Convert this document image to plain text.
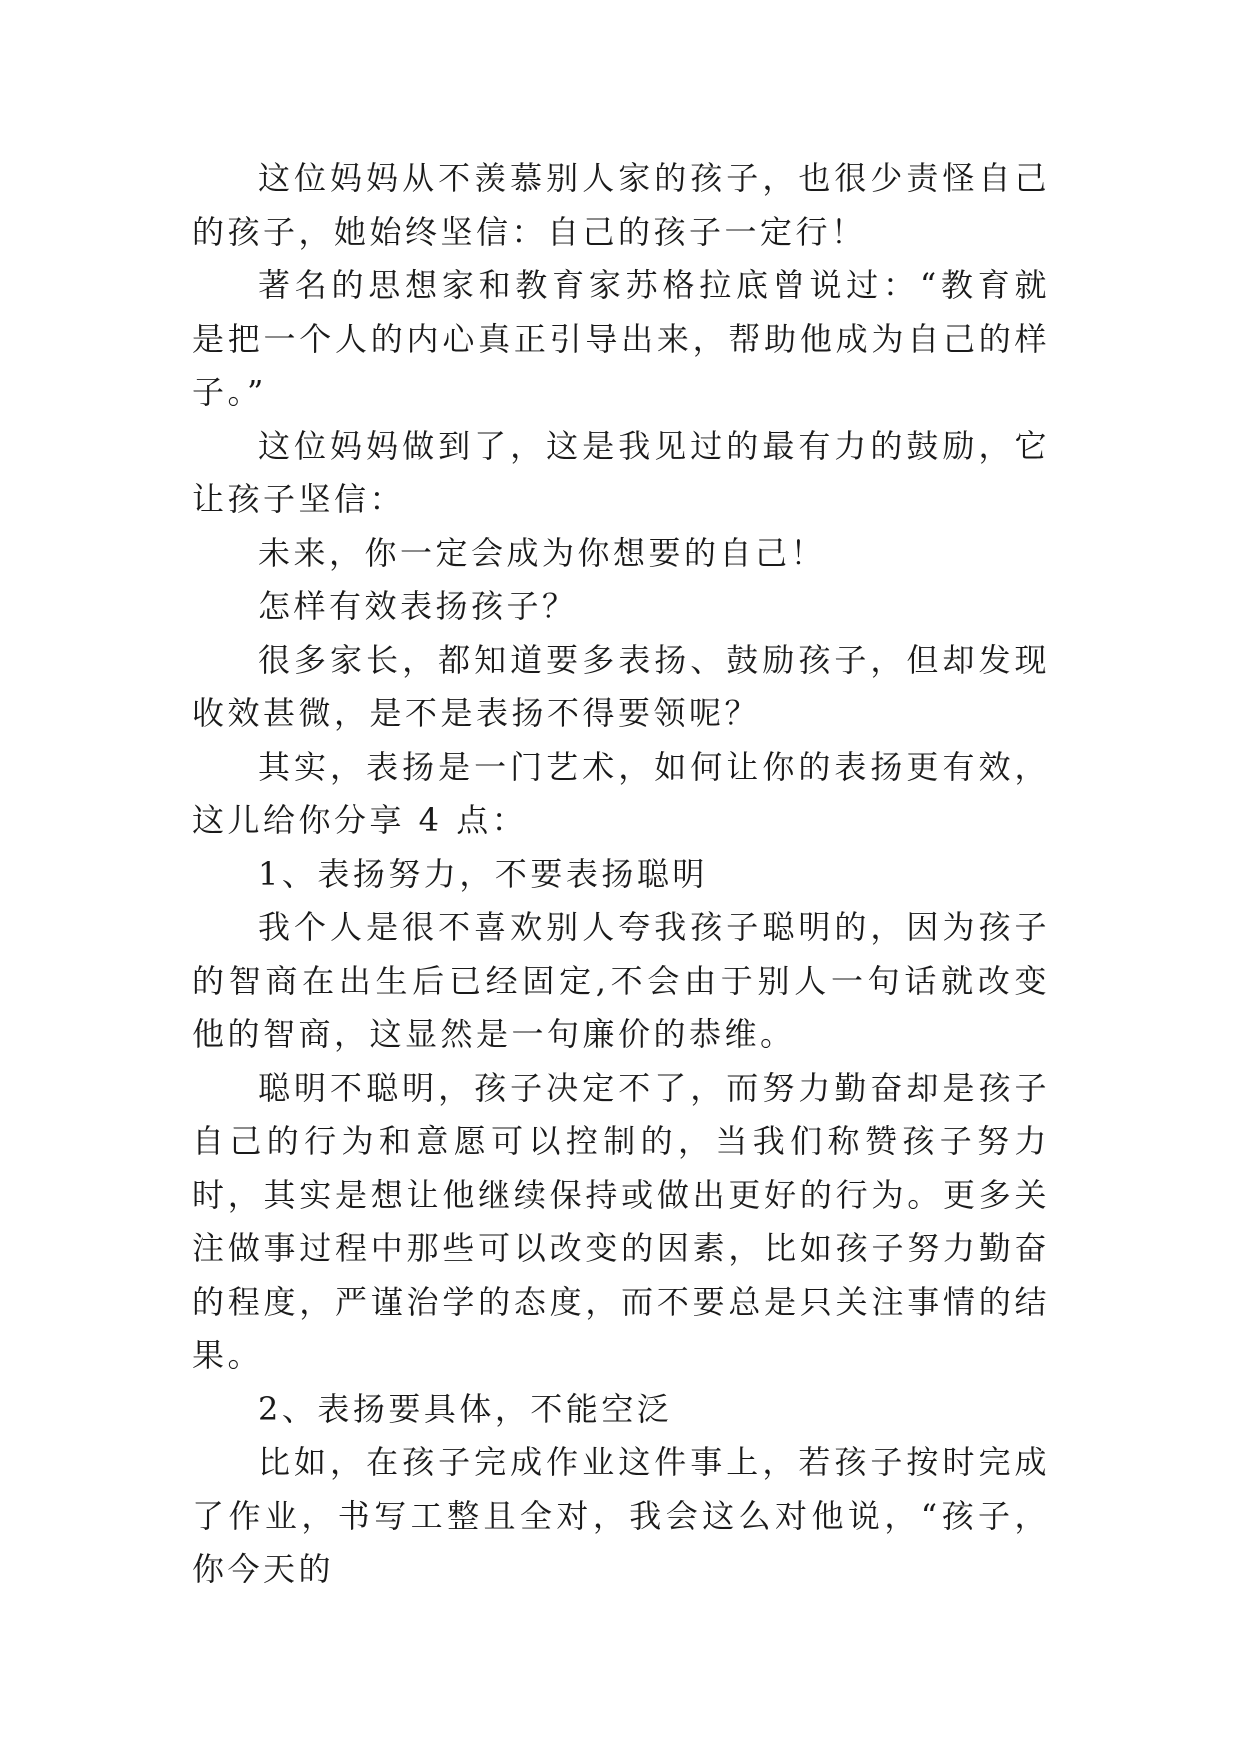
这位妈妈从不羡慕别人家的孩子，也很少责怪自己的孩子，她始终坚信：自己的孩子一定行！

著名的思想家和教育家苏格拉底曾说过：“教育就是把一个人的内心真正引导出来，帮助他成为自己的样子。”

这位妈妈做到了，这是我见过的最有力的鼓励，它让孩子坚信：

未来，你一定会成为你想要的自己！

怎样有效表扬孩子？

很多家长，都知道要多表扬、鼓励孩子，但却发现收效甚微，是不是表扬不得要领呢？

其实，表扬是一门艺术，如何让你的表扬更有效，这儿给你分享 4 点：

1、表扬努力，不要表扬聪明

我个人是很不喜欢别人夸我孩子聪明的，因为孩子的智商在出生后已经固定,不会由于别人一句话就改变他的智商，这显然是一句廉价的恭维。

聪明不聪明，孩子决定不了，而努力勤奋却是孩子自己的行为和意愿可以控制的，当我们称赞孩子努力时，其实是想让他继续保持或做出更好的行为。更多关注做事过程中那些可以改变的因素，比如孩子努力勤奋的程度，严谨治学的态度，而不要总是只关注事情的结果。

2、表扬要具体，不能空泛

比如，在孩子完成作业这件事上，若孩子按时完成了作业，书写工整且全对，我会这么对他说，“孩子，你今天的
